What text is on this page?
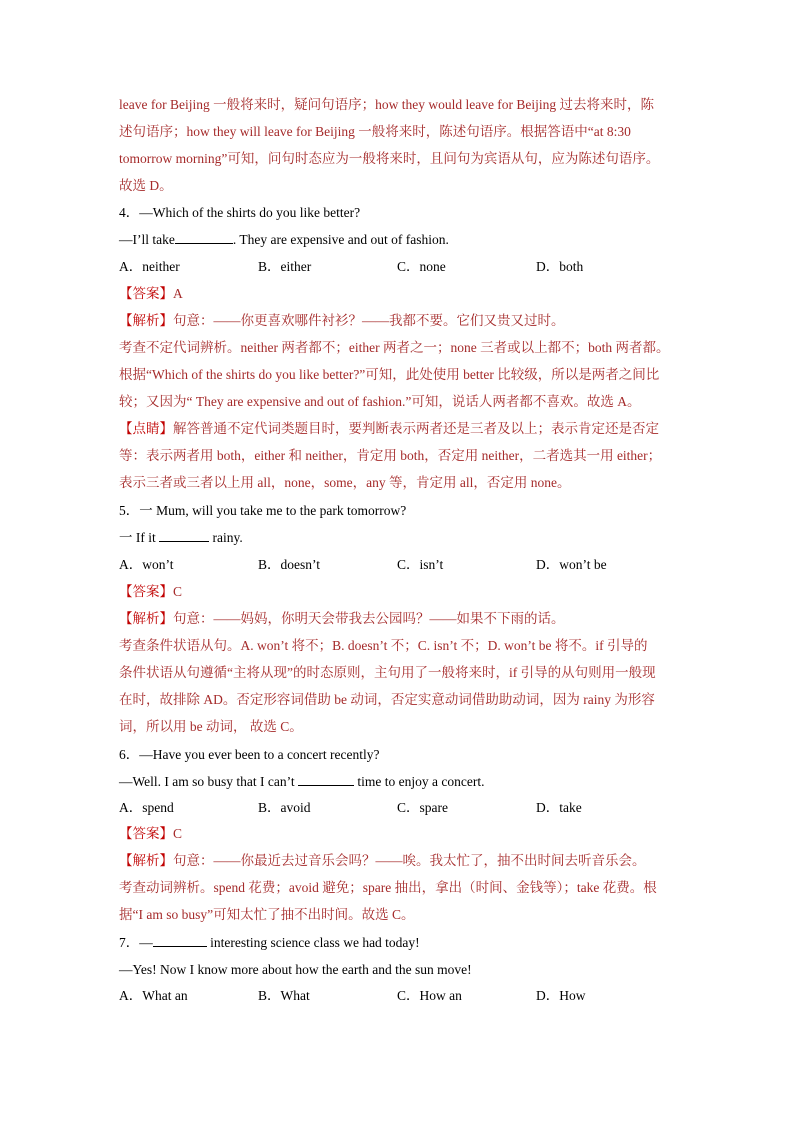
leave for Beijing 一般将来时，疑问句语序；how they would leave for Beijing 过去将来时，陈
述句语序；how they will leave for Beijing 一般将来时，陈述句语序。根据答语中“at 8:30
tomorrow morning”可知，问句时态应为一般将来时，且问句为宾语从句，应为陈述句语序。
故选 D。
4．—Which of the shirts do you like better?
—I’ll take	. They are expensive and out of fashion.
A．neither	B．either	C．none	D．both
【答案】A
【解析】句意：——你更喜欢哪件衬衫？——我都不要。它们又贵又过时。
考查不定代词辨析。neither 两者都不；either 两者之一；none 三者或以上都不；both 两者都。
根据“Which of the shirts do you like better?”可知，此处使用 better 比较级，所以是两者之间比
较；又因为“ They are expensive and out of fashion.”可知，说话人两者都不喜欢。故选 A。
【点睛】解答普通不定代词类题目时，要判断表示两者还是三者及以上；表示肯定还是否定
等：表示两者用 both，either 和 neither，肯定用 both，否定用 neither，二者选其一用 either；
表示三者或三者以上用 all，none，some，any 等，肯定用 all，否定用 none。
5．一 Mum, will you take me to the park tomorrow?
一 If it	rainy.
A．won’t	B．doesn’t	C．isn’t	D．won’t be
【答案】C
【解析】句意：——妈妈，你明天会带我去公园吗？——如果不下雨的话。
考查条件状语从句。A. won’t 将不；B. doesn’t 不；C. isn’t 不；D. won’t be 将不。if 引导的
条件状语从句遵循“主将从现”的时态原则，主句用了一般将来时，if 引导的从句则用一般现
在时，故排除 AD。否定形容词借助 be 动词，否定实意动词借助助动词，因为 rainy 为形容
词，所以用 be 动词， 故选 C。
6．—Have you ever been to a concert recently?
—Well. I am so busy that I can’t	time to enjoy a concert.
A．spend	B．avoid	C．spare	D．take
【答案】C
【解析】句意：——你最近去过音乐会吗？——唉。我太忙了，抽不出时间去听音乐会。
考查动词辨析。spend 花费；avoid 避免；spare 抽出，拿出（时间、金钱等）；take 花费。根
据“I am so busy”可知太忙了抽不出时间。故选 C。
7．—	interesting science class we had today!
—Yes! Now I know more about how the earth and the sun move!
A．What an	B．What	C．How an	D．How
